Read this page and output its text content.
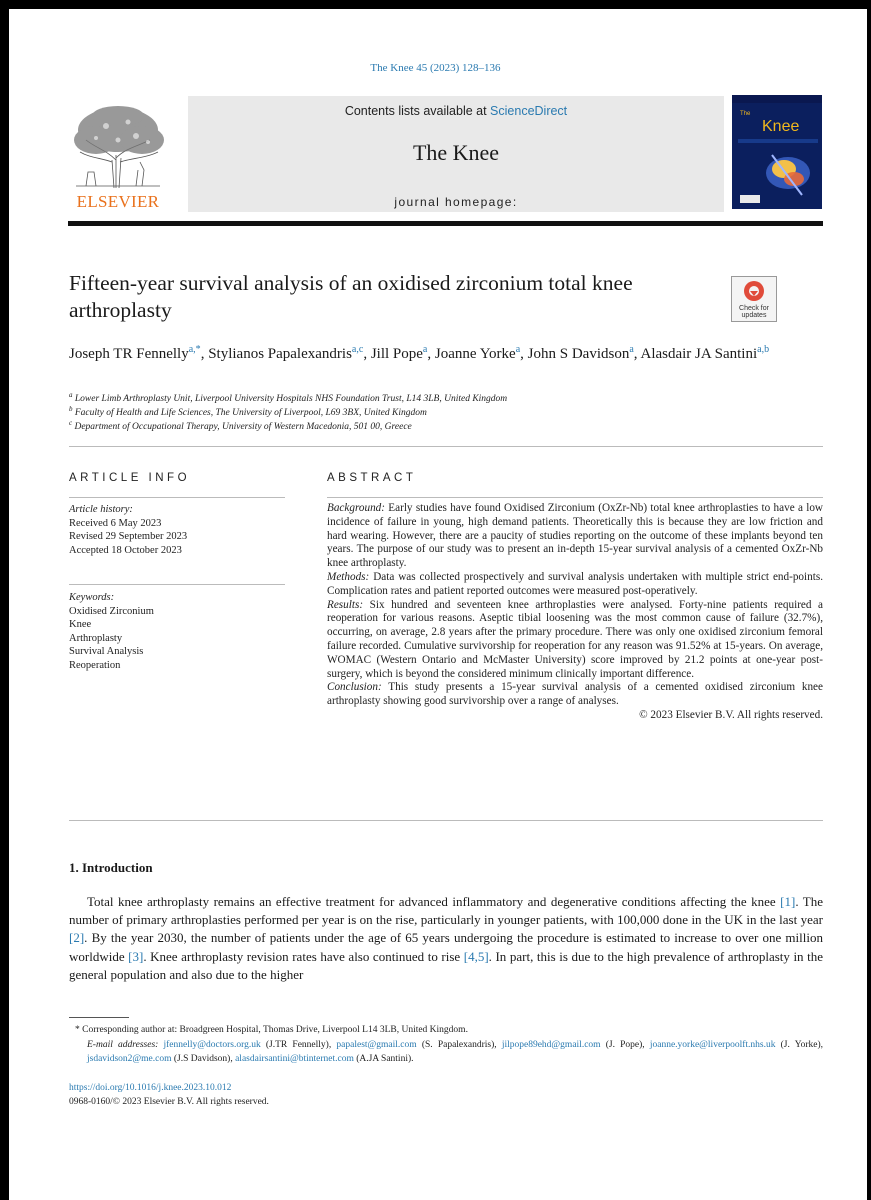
The Knee 45 (2023) 128–136
Contents lists available at ScienceDirect
The Knee
journal homepage:
ELSEVIER
The
Knee
Fifteen-year survival analysis of an oxidised zirconium total knee arthroplasty	Check for
updates
Joseph TR Fennelly$^{a,*}$, Stylianos Papalexandris$^{a,c}$, Jill Pope$^a$, Joanne Yorke$^a$, John S Davidson$^a$, Alasdair JA Santini$^{a,b}$
$^a$ Lower Limb Arthroplasty Unit, Liverpool University Hospitals NHS Foundation Trust, L14 3LB, United Kingdom
$^b$ Faculty of Health and Life Sciences, The University of Liverpool, L69 3BX, United Kingdom
$^c$ Department of Occupational Therapy, University of Western Macedonia, 501 00, Greece
ARTICLE INFO
Article history:
Received 6 May 2023
Revised 29 September 2023
Accepted 18 October 2023
Keywords:
Oxidised Zirconium
Knee
Arthroplasty
Survival Analysis
Reoperation
ABSTRACT

Background: Early studies have found Oxidised Zirconium (OxZr-Nb) total knee arthroplasties to have a low incidence of failure in young, high demand patients. Theoretically this is because they are low friction and hard wearing. However, there are a paucity of studies reporting on the outcome of these implants beyond ten years. The purpose of our study was to present an in-depth 15-year survival analysis of a cemented OxZr-Nb knee arthroplasty.

Methods: Data was collected prospectively and survival analysis undertaken with multiple strict end-points. Complication rates and patient reported outcomes were measured post-operatively.

Results: Six hundred and seventeen knee arthroplasties were analysed. Forty-nine patients required a reoperation for various reasons. Aseptic tibial loosening was the most common cause of failure (32.7%), occurring, on average, 2.8 years after the primary procedure. There was only one oxidised zirconium femoral failure recorded. Cumulative survivorship for reoperation for any reason was 91.52% at 15-years. On average, WOMAC (Western Ontario and McMaster University) score improved by 21.2 points at one-year post-surgery, which is beyond the considered minimum clinically important difference.

Conclusion: This study presents a 15-year survival analysis of a cemented oxidised zirconium knee arthroplasty showing good survivorship over a range of analyses.

© 2023 Elsevier B.V. All rights reserved.

1. Introduction

Total knee arthroplasty remains an effective treatment for advanced inflammatory and degenerative conditions affecting the knee [1]. The number of primary arthroplasties performed per year is on the rise, particularly in younger patients, with 100,000 done in the UK in the last year [2]. By the year 2030, the number of patients under the age of 65 years undergoing the procedure is estimated to increase to over one million worldwide [3]. Knee arthroplasty revision rates have also continued to rise [4,5]. In part, this is due to the high prevalence of arthroplasty in the general population and also due to the higher

* Corresponding author at: Broadgreen Hospital, Thomas Drive, Liverpool L14 3LB, United Kingdom.

E-mail addresses: jfennelly@doctors.org.uk (J.TR Fennelly), papalest@gmail.com (S. Papalexandris), jilpope89ehd@gmail.com (J. Pope), joanne.yorke@liverpoolft.nhs.uk (J. Yorke), jsdavidson2@me.com (J.S Davidson), alasdairsantini@btinternet.com (A.JA Santini).

https://doi.org/10.1016/j.knee.2023.10.012
0968-0160/© 2023 Elsevier B.V. All rights reserved.
